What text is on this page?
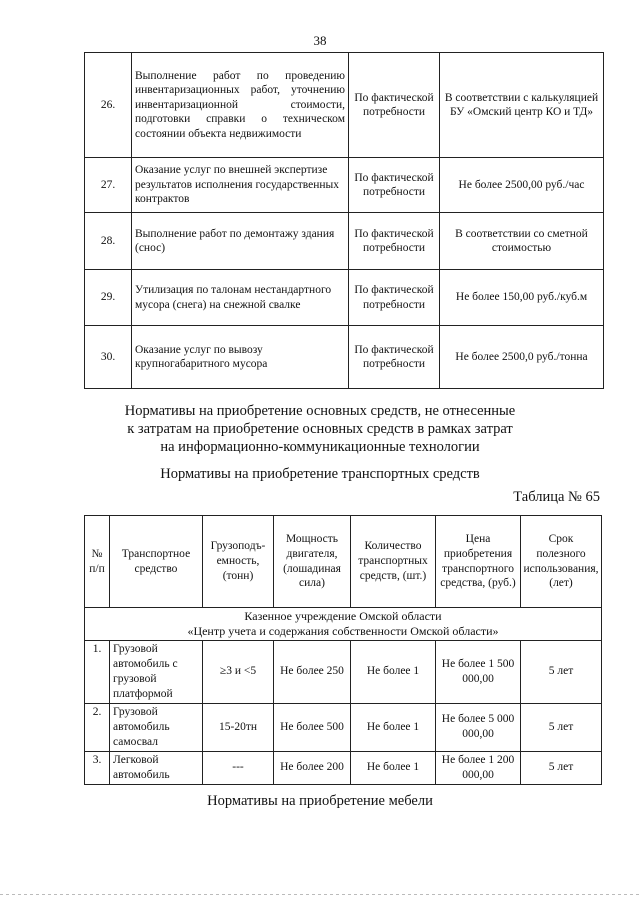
38
26.	Выполнение работ по проведению инвентаризационных работ, уточнению инвентаризационной стоимости, подготовки справки о техническом состоянии объекта недвижимости	По фактической потребности	В соответствии с калькуляцией БУ «Омский центр КО и ТД»
27.	Оказание услуг по внешней экспертизе результатов исполнения государственных контрактов	По фактической потребности	Не более 2500,00 руб./час
28.	Выполнение работ по демонтажу здания (снос)	По фактической потребности	В соответствии со сметной стоимостью
29.	Утилизация по талонам нестандартного мусора (снега) на снежной свалке	По фактической потребности	Не более 150,00 руб./куб.м
30.	Оказание услуг по вывозу крупногабаритного мусора	По фактической потребности	Не более 2500,0 руб./тонна
Нормативы на приобретение основных средств, не отнесенные
к затратам на приобретение основных средств в рамках затрат
на информационно-коммуникационные технологии
Нормативы на приобретение транспортных средств
Таблица № 65
№ п/п	Транспортное средство	Грузоподъ-емность, (тонн)	Мощность двигателя, (лошадиная сила)	Количество транспортных средств, (шт.)	Цена приобретения транспортного средства, (руб.)	Срок полезного использования, (лет)

Казенное учреждение Омской области
«Центр учета и содержания собственности Омской области»						

1.	Грузовой автомобиль с грузовой платформой	≥3 и <5	Не более 250	Не более 1	Не более 1 500 000,00	5 лет
2.	Грузовой автомобиль самосвал	15-20тн	Не более 500	Не более 1	Не более 5 000 000,00	5 лет
3.	Легковой автомобиль	---	Не более 200	Не более 1	Не более 1 200 000,00	5 лет
Нормативы на приобретение мебели
